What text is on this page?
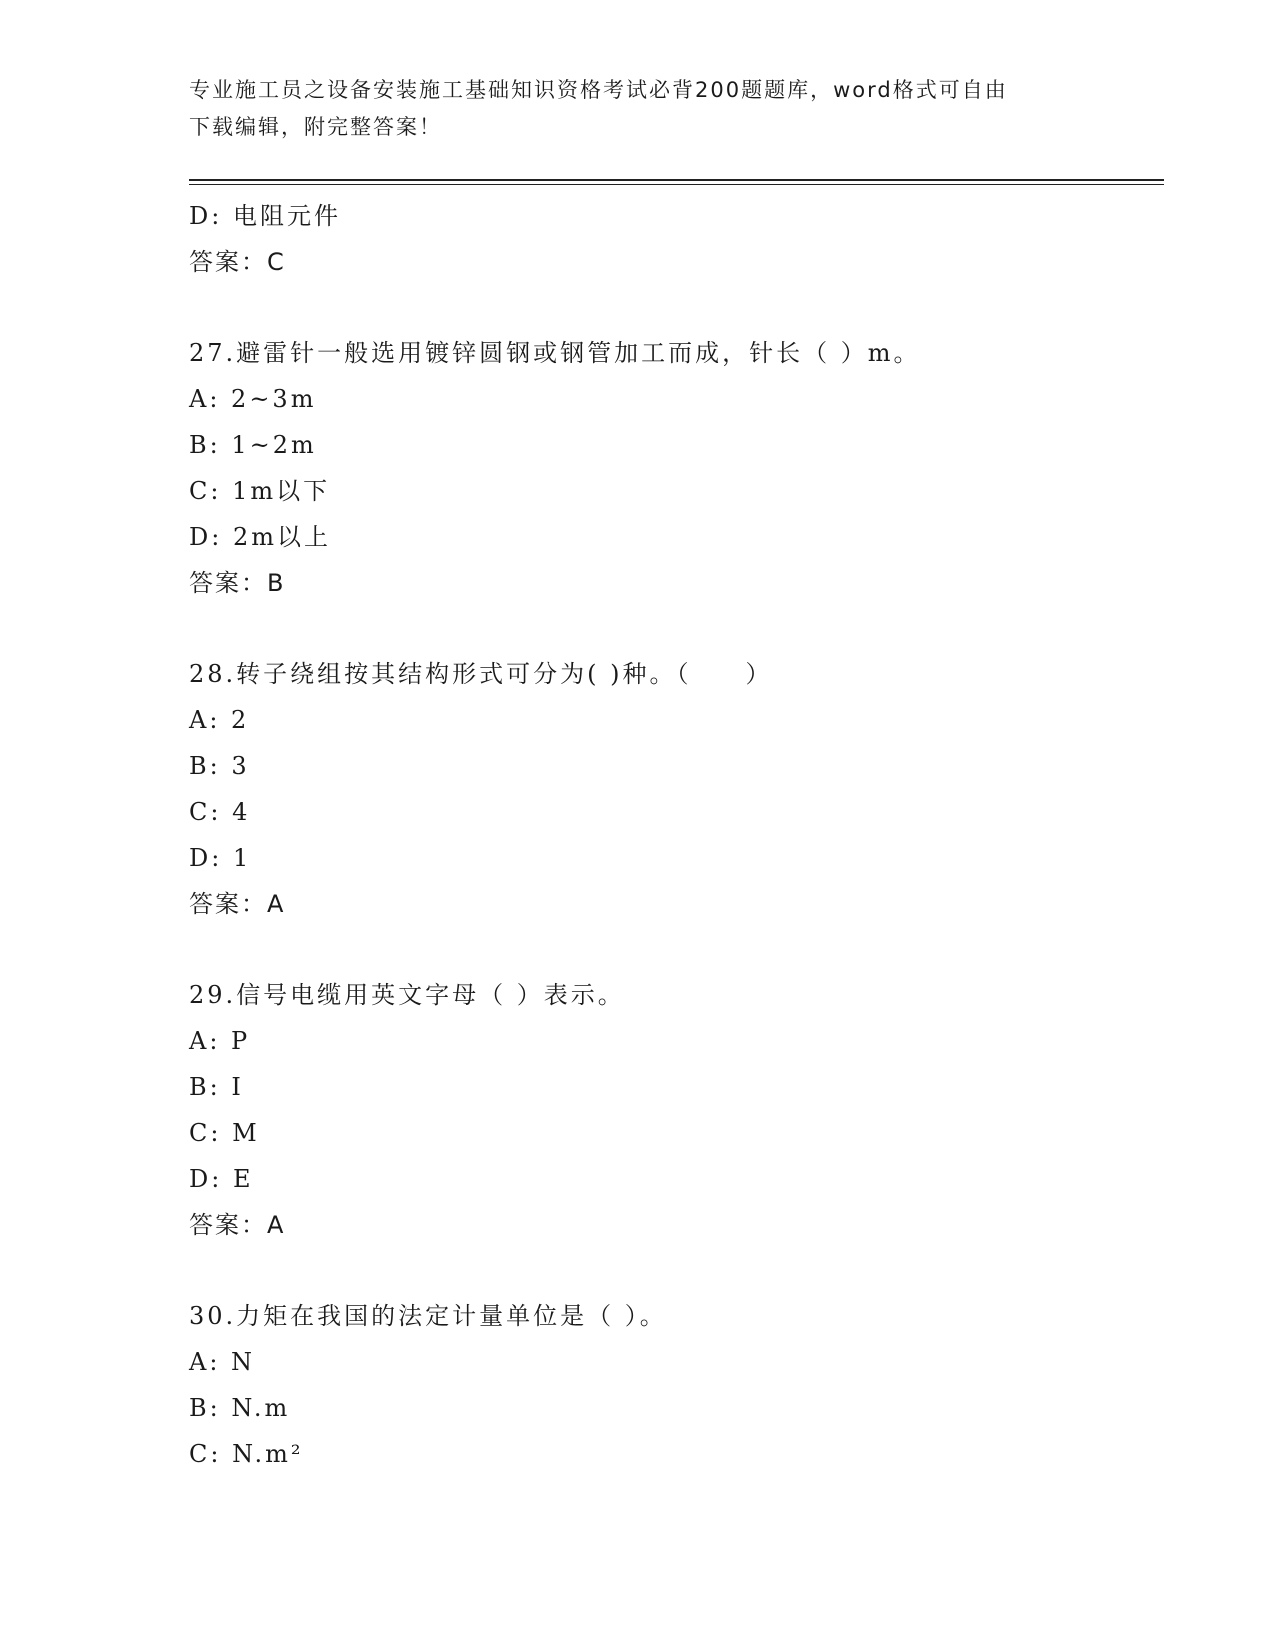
专业施工员之设备安装施工基础知识资格考试必背200题题库，word格式可自由
下载编辑，附完整答案！
D: 电阻元件
答案：C
27.避雷针一般选用镀锌圆钢或钢管加工而成，针长（ ）m。
A: 2~3m
B: 1~2m
C: 1m以下
D: 2m以上
答案：B
28.转子绕组按其结构形式可分为( )种。（　　）
A: 2
B: 3
C: 4
D: 1
答案：A
29.信号电缆用英文字母（ ）表示。
A: P
B: I
C: M
D: E
答案：A
30.力矩在我国的法定计量单位是（ ）。
A: N
B: N.m
C: N.m²
